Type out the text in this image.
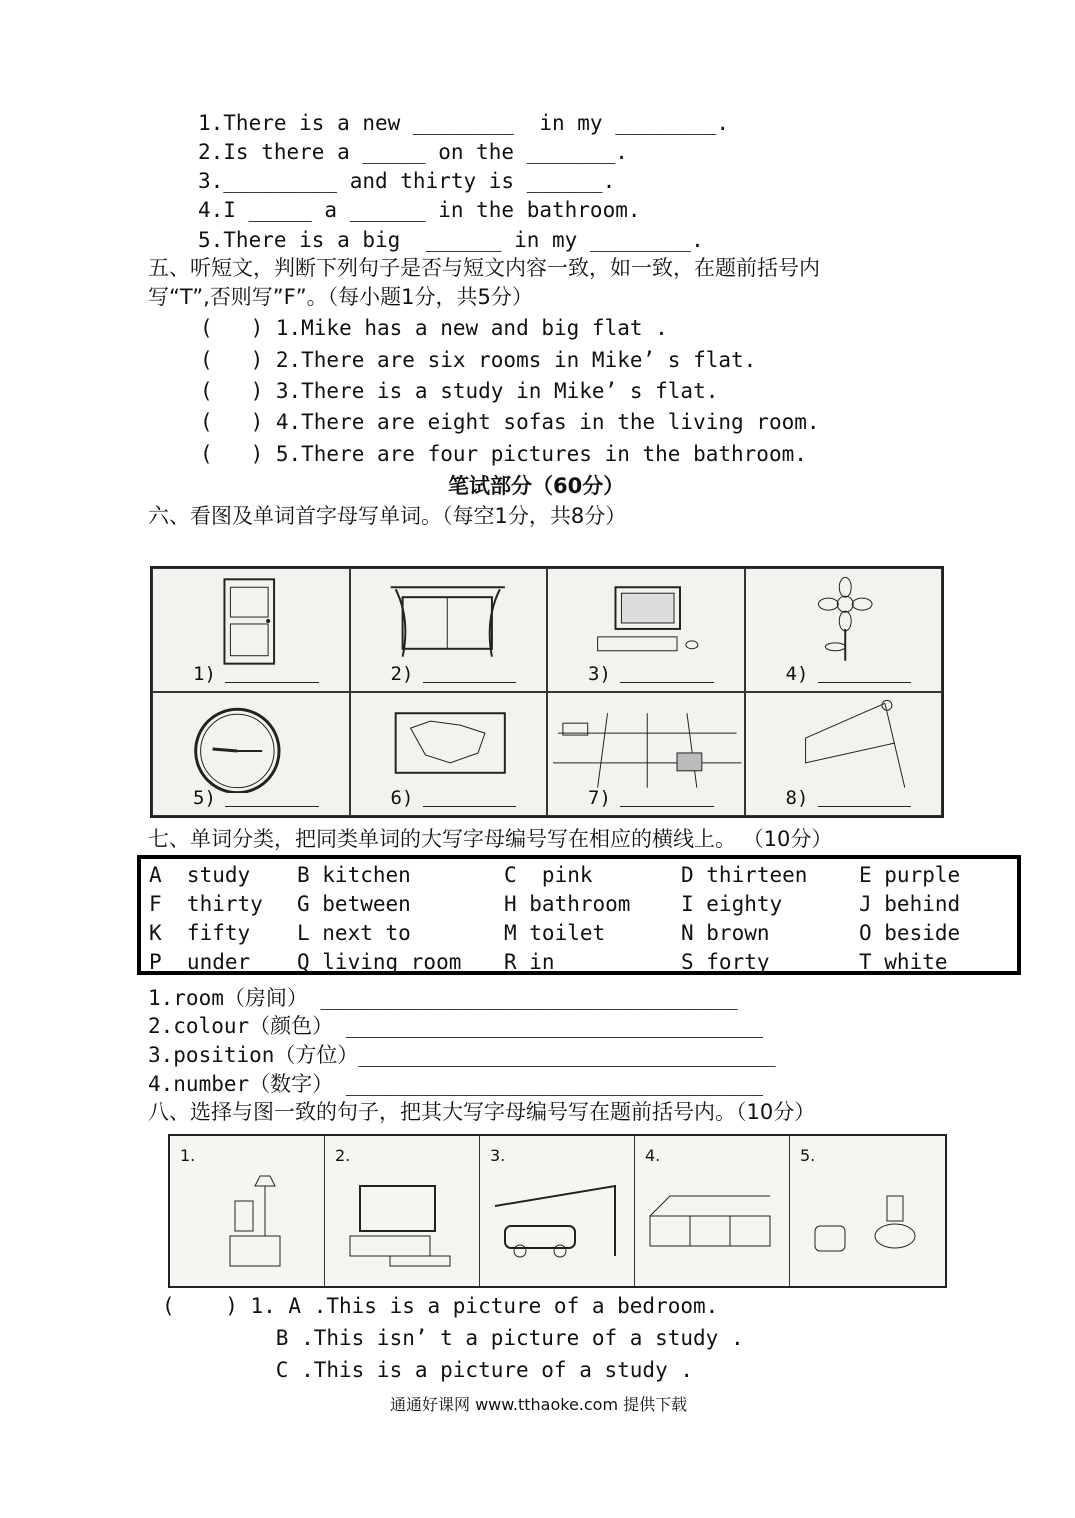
1.There is a new ________  in my ________.
2.Is there a _____ on the _______.
3._________ and thirty is ______.
4.I _____ a ______ in the bathroom.
5.There is a big  ______ in my ________.
五、听短文，判断下列句子是否与短文内容一致，如一致，在题前括号内
写“T”,否则写”F”。（每小题1分，共5分）
(   ) 1.Mike has a new and big flat .
(   ) 2.There are six rooms in Mike’ s flat.
(   ) 3.There is a study in Mike’ s flat.
(   ) 4.There are eight sofas in the living room.
(   ) 5.There are four pictures in the bathroom.
笔试部分（60分）
六、看图及单词首字母写单词。（每空1分，共8分）
1)	2)	3)	4)
5)	6)	7)	8)
七、单词分类，把同类单词的大写字母编号写在相应的横线上。 （10分）
A  study B kitchen	C  pink	D thirteen E purple
F  thirty G between	H bathroom I eighty	J behind
K  fifty L next to	M toilet	N brown	O beside
P  under Q living room R in	S forty	T white
1.room（房间） _________________________________
2.colour（颜色） _________________________________
3.position（方位）_________________________________
4.number（数字） _________________________________
八、选择与图一致的句子，把其大写字母编号写在题前括号内。（10分）
1.	2.	3.	4.	5.
(    ) 1. A .This is a picture of a bedroom.
B .This isn’ t a picture of a study .
C .This is a picture of a study .
通通好课网 www.tthaoke.com 提供下载
